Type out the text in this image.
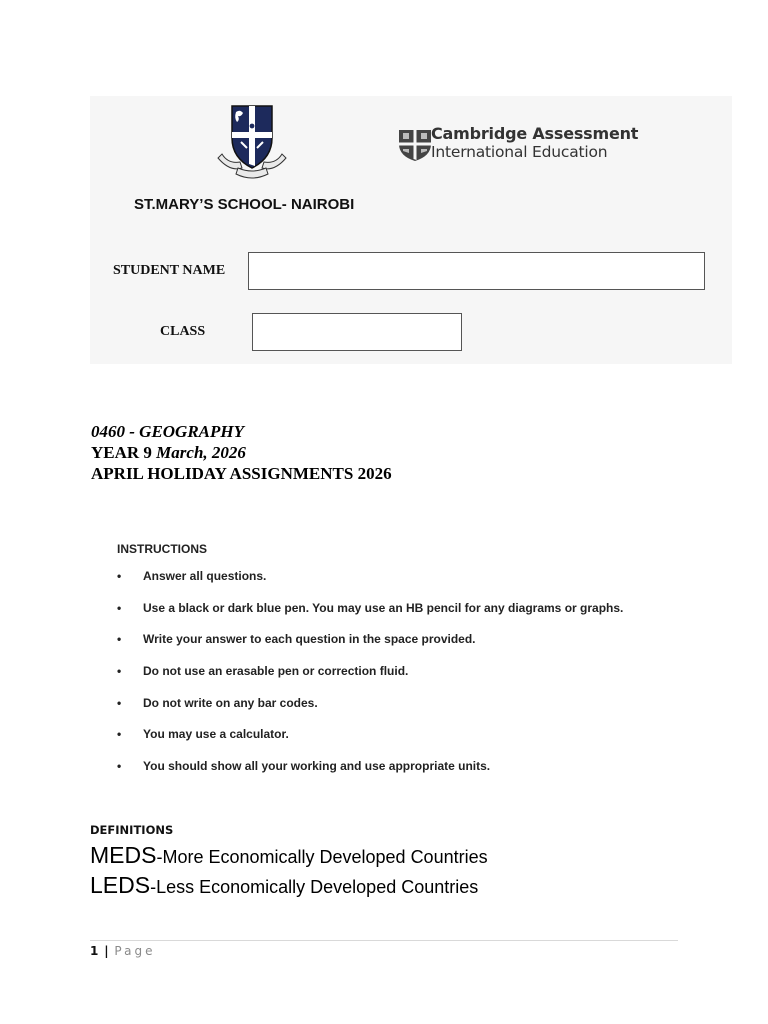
Cambridge Assessment
International Education
ST.MARY’S SCHOOL- NAIROBI
STUDENT NAME
CLASS
0460 - GEOGRAPHY
YEAR 9 March, 2026
APRIL HOLIDAY ASSIGNMENTS 2026
INSTRUCTIONS
• Answer all questions.
• Use a black or dark blue pen. You may use an HB pencil for any diagrams or graphs.
• Write your answer to each question in the space provided.
• Do not use an erasable pen or correction fluid.
• Do not write on any bar codes.
• You may use a calculator.
• You should show all your working and use appropriate units.
DEFINITIONS
MEDS-More Economically Developed Countries
LEDS-Less Economically Developed Countries
1 | Page
